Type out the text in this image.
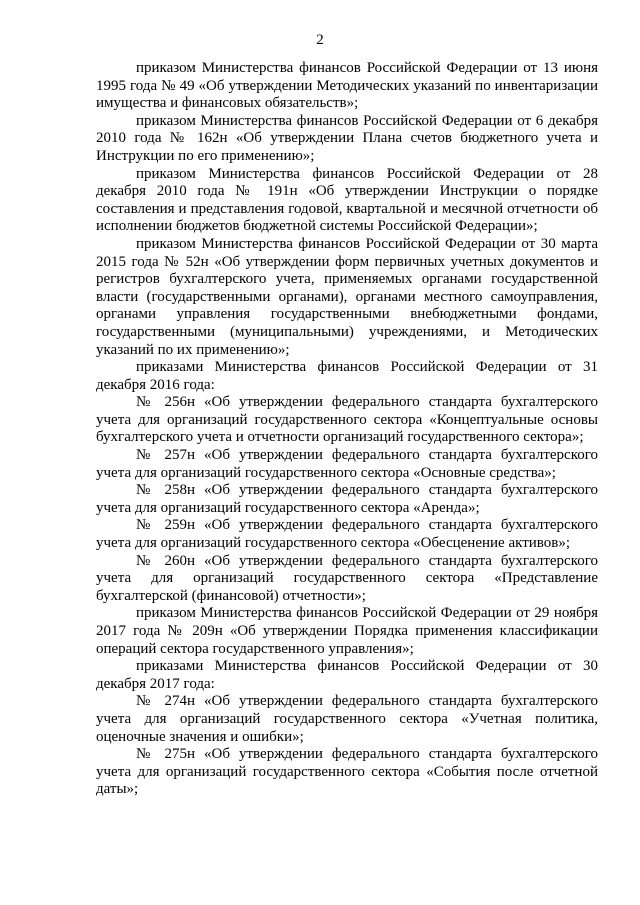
2

приказом Министерства финансов Российской Федерации от 13 июня 1995 года № 49 «Об утверждении Методических указаний по инвентаризации имущества и финансовых обязательств»;

приказом Министерства финансов Российской Федерации от 6 декабря 2010 года № 162н «Об утверждении Плана счетов бюджетного учета и Инструкции по его применению»;

приказом Министерства финансов Российской Федерации от 28 декабря 2010 года № 191н «Об утверждении Инструкции о порядке составления и представления годовой, квартальной и месячной отчетности об исполнении бюджетов бюджетной системы Российской Федерации»;

приказом Министерства финансов Российской Федерации от 30 марта 2015 года № 52н «Об утверждении форм первичных учетных документов и регистров бухгалтерского учета, применяемых органами государственной власти (государственными органами), органами местного самоуправления, органами управления государственными внебюджетными фондами, государственными (муниципальными) учреждениями, и Методических указаний по их применению»;

приказами Министерства финансов Российской Федерации от 31 декабря 2016 года:

№ 256н «Об утверждении федерального стандарта бухгалтерского учета для организаций государственного сектора «Концептуальные основы бухгалтерского учета и отчетности организаций государственного сектора»;

№ 257н «Об утверждении федерального стандарта бухгалтерского учета для организаций государственного сектора «Основные средства»;

№ 258н «Об утверждении федерального стандарта бухгалтерского учета для организаций государственного сектора «Аренда»;

№ 259н «Об утверждении федерального стандарта бухгалтерского учета для организаций государственного сектора «Обесценение активов»;

№ 260н «Об утверждении федерального стандарта бухгалтерского учета для организаций государственного сектора «Представление бухгалтерской (финансовой) отчетности»;

приказом Министерства финансов Российской Федерации от 29 ноября 2017 года № 209н «Об утверждении Порядка применения классификации операций сектора государственного управления»;

приказами Министерства финансов Российской Федерации от 30 декабря 2017 года:

№ 274н «Об утверждении федерального стандарта бухгалтерского учета для организаций государственного сектора «Учетная политика, оценочные значения и ошибки»;

№ 275н «Об утверждении федерального стандарта бухгалтерского учета для организаций государственного сектора «События после отчетной даты»;
